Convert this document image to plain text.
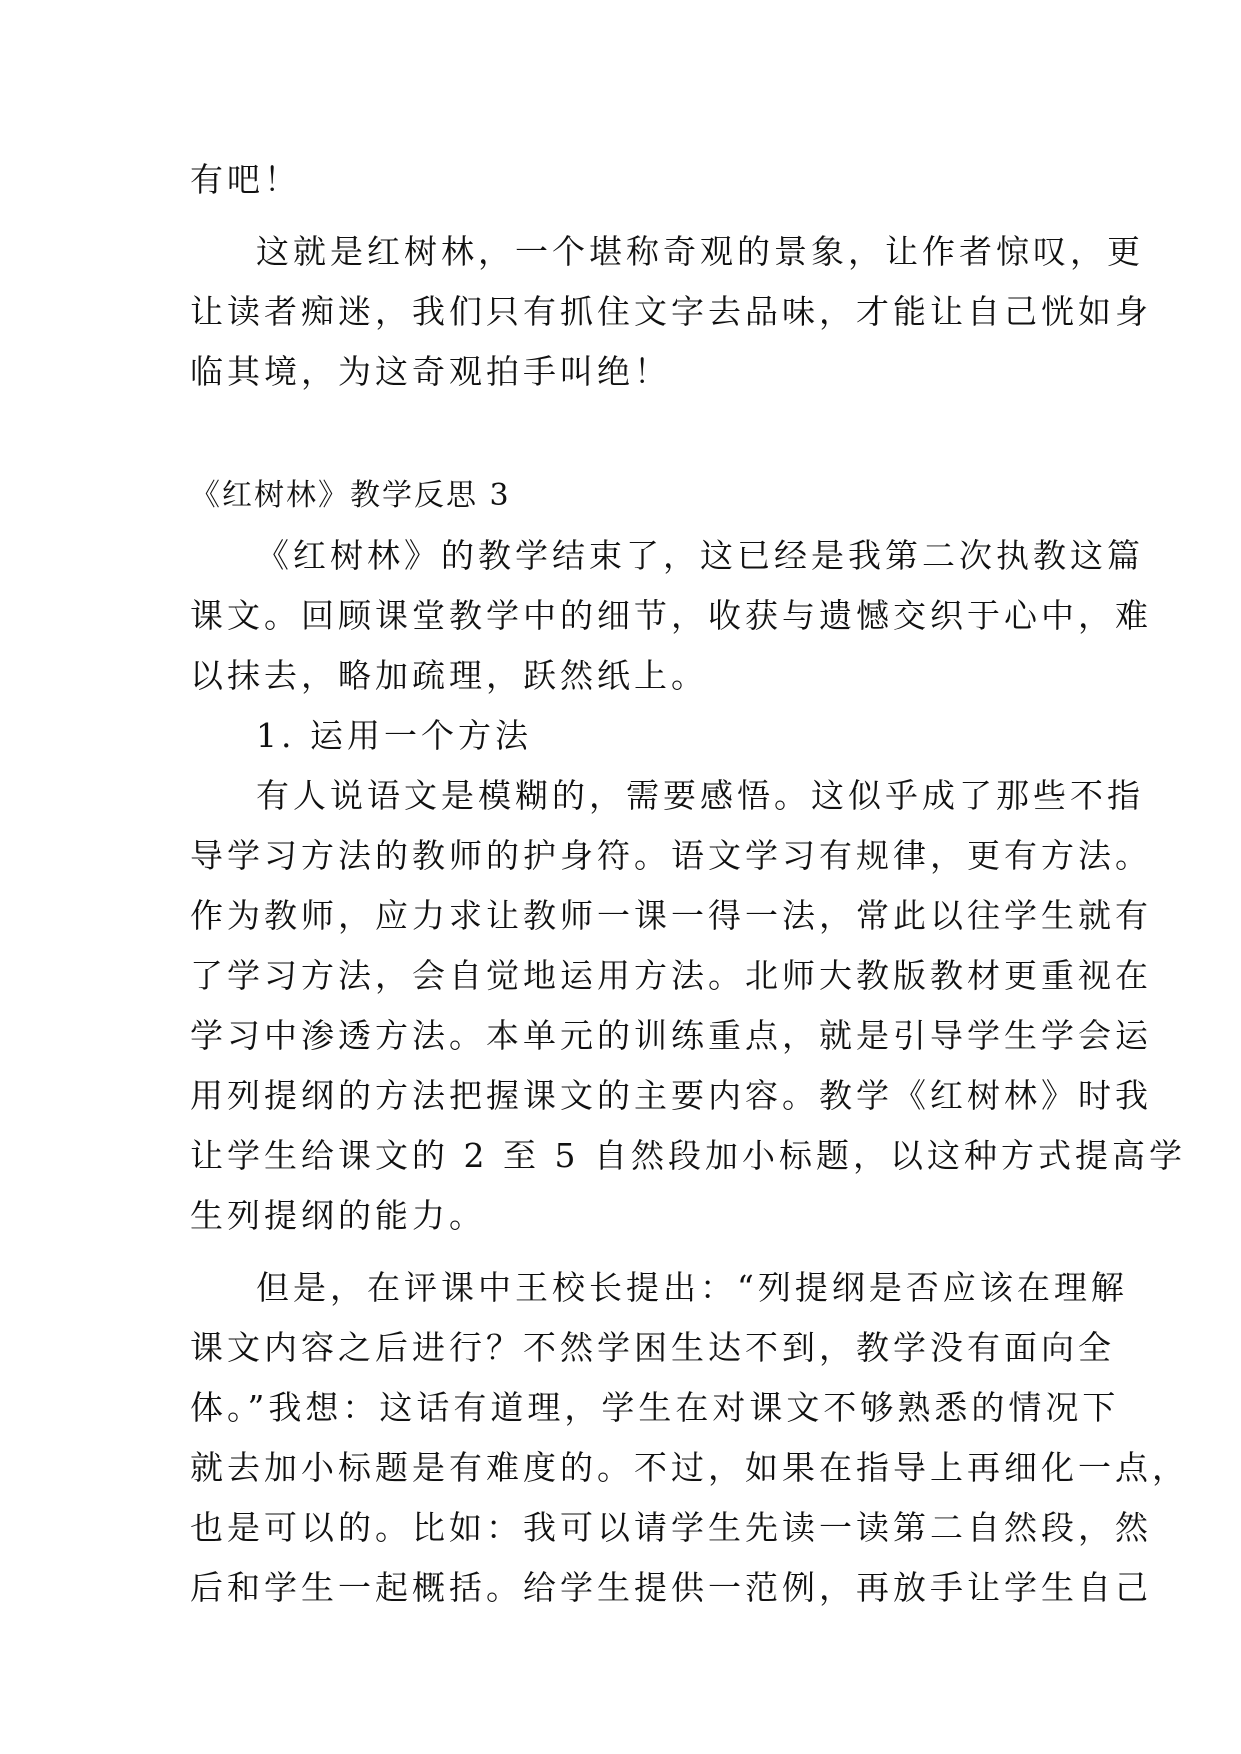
有吧！

这就是红树林，一个堪称奇观的景象，让作者惊叹，更

让读者痴迷，我们只有抓住文字去品味，才能让自己恍如身

临其境，为这奇观拍手叫绝！

《红树林》教学反思 3

《红树林》的教学结束了，这已经是我第二次执教这篇

课文。回顾课堂教学中的细节，收获与遗憾交织于心中，难

以抹去，略加疏理，跃然纸上。

1. 运用一个方法

有人说语文是模糊的，需要感悟。这似乎成了那些不指

导学习方法的教师的护身符。语文学习有规律，更有方法。

作为教师，应力求让教师一课一得一法，常此以往学生就有

了学习方法，会自觉地运用方法。北师大教版教材更重视在

学习中渗透方法。本单元的训练重点，就是引导学生学会运

用列提纲的方法把握课文的主要内容。教学《红树林》时我

让学生给课文的 2 至 5 自然段加小标题，以这种方式提高学

生列提纲的能力。

但是，在评课中王校长提出：“列提纲是否应该在理解

课文内容之后进行？不然学困生达不到，教学没有面向全

体。”我想：这话有道理，学生在对课文不够熟悉的情况下

就去加小标题是有难度的。不过，如果在指导上再细化一点，

也是可以的。比如：我可以请学生先读一读第二自然段，然

后和学生一起概括。给学生提供一范例，再放手让学生自己
